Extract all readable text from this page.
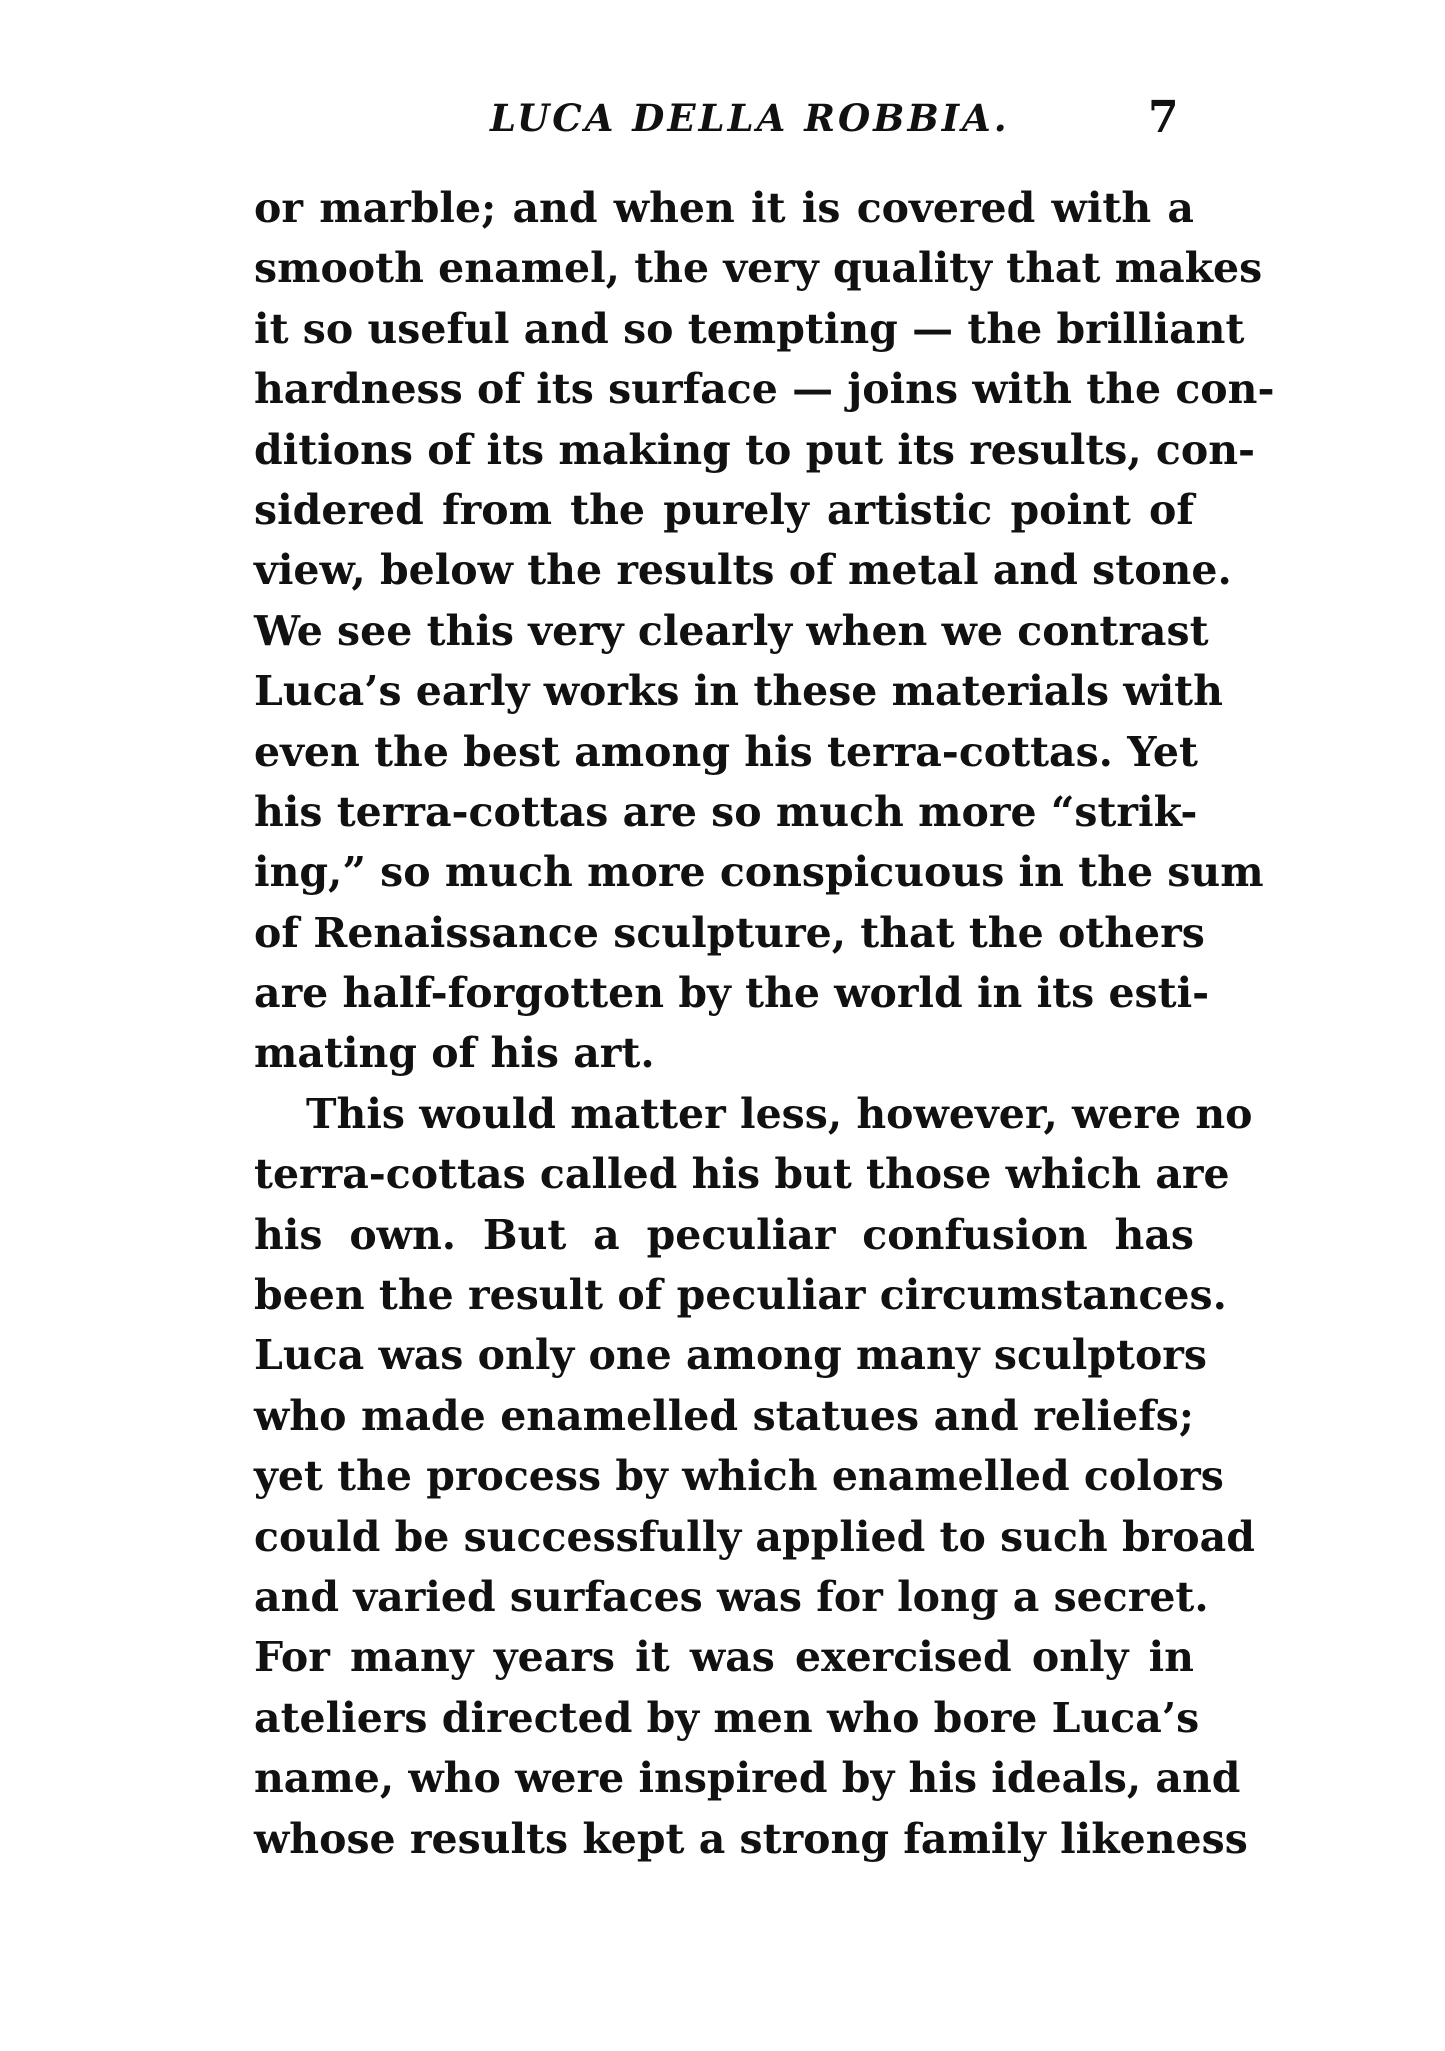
LUCA DELLA ROBBIA.	7
or marble; and when it is covered with a
smooth enamel, the very quality that makes
it so useful and so tempting — the brilliant
hardness of its surface — joins with the con-
ditions of its making to put its results, con-
sidered from the purely artistic point of
view, below the results of metal and stone.
We see this very clearly when we contrast
Luca’s early works in these materials with
even the best among his terra-cottas. Yet
his terra-cottas are so much more “strik-
ing,” so much more conspicuous in the sum
of Renaissance sculpture, that the others
are half-forgotten by the world in its esti-
mating of his art.
This would matter less, however, were no
terra-cottas called his but those which are
his own. But a peculiar confusion has
been the result of peculiar circumstances.
Luca was only one among many sculptors
who made enamelled statues and reliefs;
yet the process by which enamelled colors
could be successfully applied to such broad
and varied surfaces was for long a secret.
For many years it was exercised only in
ateliers directed by men who bore Luca’s
name, who were inspired by his ideals, and
whose results kept a strong family likeness
